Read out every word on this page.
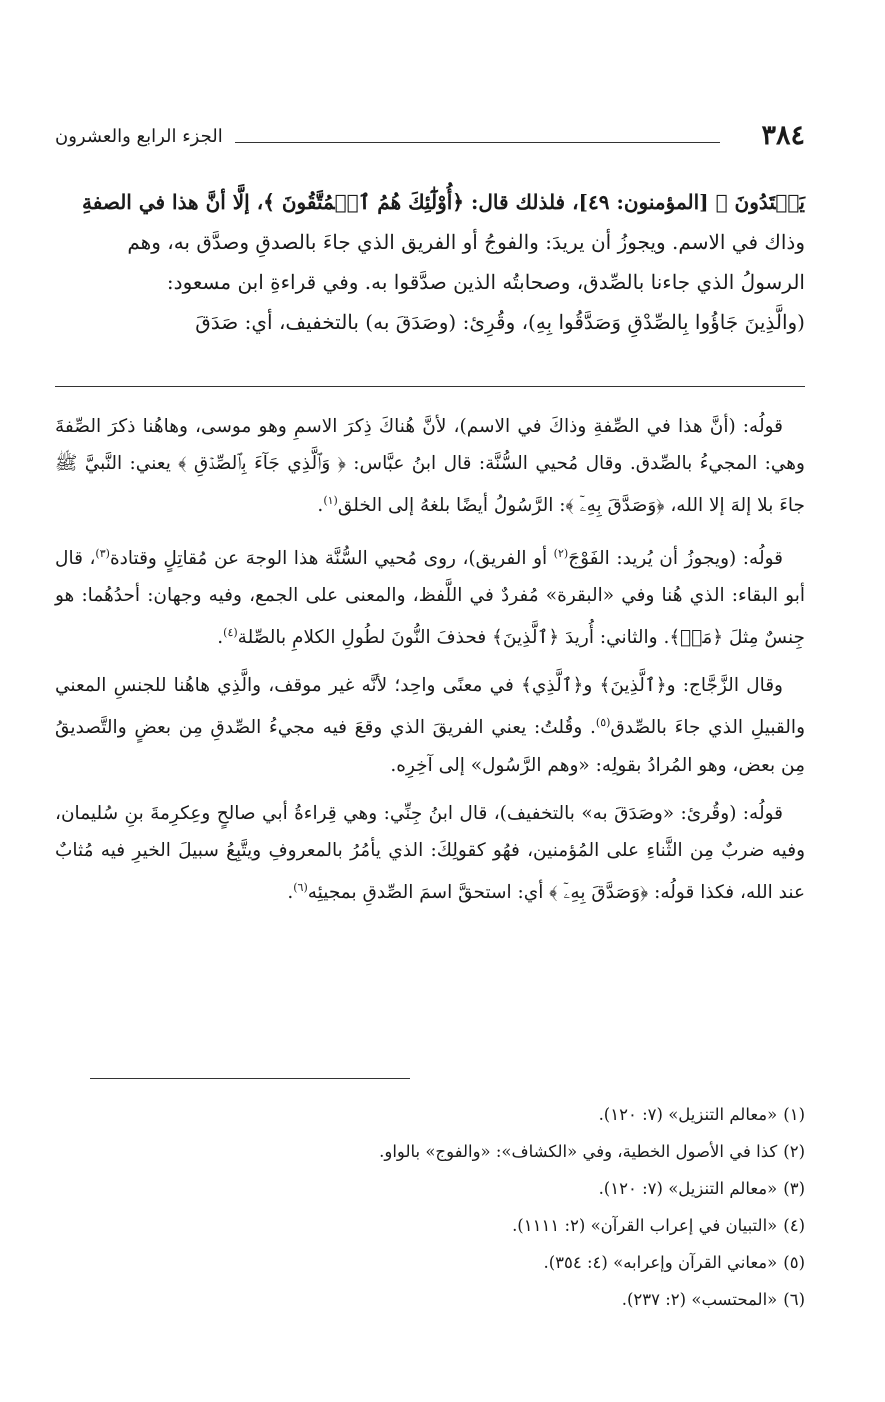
٣٨٤
الجزء الرابع والعشرون

يَهۡتَدُونَ ﴾ [المؤمنون: ٤٩]، فلذلك قال: ﴿أُوْلَٰٓئِكَ هُمُ ٱلۡمُتَّقُونَ ﴾، إلَّا أنَّ هذا في الصفةِ

وذاك في الاسم. ويجوزُ أن يريدَ: والفوجُ أو الفريق الذي جاءَ بالصدقِ وصدَّق به، وهم

الرسولُ الذي جاءنا بالصِّدق، وصحابتُه الذين صدَّقوا به. وفي قراءةِ ابن مسعود:

(والَّذِينَ جَاؤُوا بِالصِّدْقِ وَصَدَّقُوا بِهِ)، وقُرِئ: (وصَدَقَ به) بالتخفيف، أي: صَدَقَ

قولُه: (أنَّ هذا في الصِّفةِ وذاكَ في الاسم)، لأنَّ هُناكَ ذِكرَ الاسمِ وهو موسى، وهاهُنا ذكرَ الصِّفةَ وهي: المجيءُ بالصِّدق. وقال مُحيي السُّنَّة: قال ابنُ عبَّاس: ﴿ وَٱلَّذِي جَآءَ بِٱلصِّدۡقِ ﴾ يعني: النَّبيَّ ﷺ جاءَ بلا إلهَ إلا الله، ﴿وَصَدَّقَ بِهِۦٓ ﴾: الرَّسُولُ أيضًا بلغهُ إلى الخلق$^{(١)}$.

قولُه: (ويجوزُ أن يُريد: الفَوْجَ$^{(٢)}$ أو الفريق)، روى مُحيي السُّنَّة هذا الوجهَ عن مُقاتِلٍ وقتادة$^{(٣)}$، قال أبو البقاء: الذي هُنا وفي «البقرة» مُفردٌ في اللَّفظ، والمعنى على الجمع، وفيه وجهان: أحدُهُما: هو جِنسٌ مِثلَ ﴿مَنۡ﴾. والثاني: أُريدَ ﴿ٱلَّذِينَ﴾ فحذفَ النُّونَ لطُولِ الكلامِ بالصِّلة$^{(٤)}$.

وقال الزَّجَّاج: و﴿ٱلَّذِينَ﴾ و﴿ٱلَّذِي﴾ في معنًى واحِد؛ لأنَّه غير موقف، والَّذِي هاهُنا للجنسِ المعني والقبيلِ الذي جاءَ بالصِّدق$^{(٥)}$. وقُلتُ: يعني الفريقَ الذي وقعَ فيه مجيءُ الصِّدقِ مِن بعضٍ والتَّصديقُ مِن بعض، وهو المُرادُ بقولِه: «وهم الرَّسُول» إلى آخِرِه.

قولُه: (وقُرئ: «وصَدَقَ به» بالتخفيف)، قال ابنُ جِنِّي: وهي قِراءةُ أبي صالحٍ وعِكرِمةَ بنِ سُليمان، وفيه ضربٌ مِن الثَّناءِ على المُؤمنين، فهُو كقولِكَ: الذي يأمُرُ بالمعروفِ ويتَّبِعُ سبيلَ الخيرِ فيه مُثابٌ عند الله، فكذا قولُه: ﴿وَصَدَّقَ بِهِۦٓ ﴾ أي: استحقَّ اسمَ الصِّدقِ بمجيئِه$^{(٦)}$.

(١)«معالم التنزيل» (٧: ١٢٠).
(٢)كذا في الأصول الخطية، وفي «الكشاف»: «والفوج» بالواو.
(٣)«معالم التنزيل» (٧: ١٢٠).
(٤)«التبيان في إعراب القرآن» (٢: ١١١١).
(٥)«معاني القرآن وإعرابه» (٤: ٣٥٤).
(٦)«المحتسب» (٢: ٢٣٧).
